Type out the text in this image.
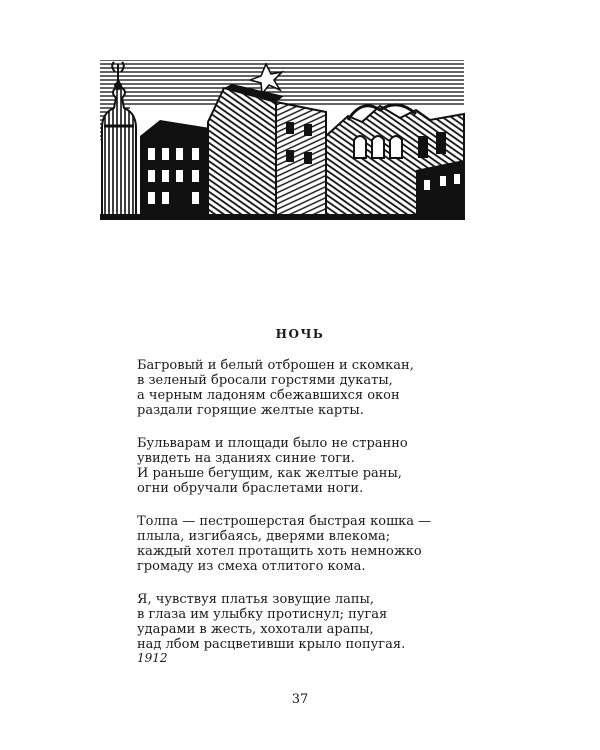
НОЧЬ

Багровый и белый отброшен и скомкан,
в зеленый бросали горстями дукаты,
а черным ладоням сбежавшихся окон
раздали горящие желтые карты.

Бульварам и площади было не странно
увидеть на зданиях синие тоги.
И раньше бегущим, как желтые раны,
огни обручали браслетами ноги.

Толпа — пестрошерстая быстрая кошка —
плыла, изгибаясь, дверями влекома;
каждый хотел протащить хоть немножко
громаду из смеха отлитого кома.

Я, чувствуя платья зовущие лапы,
в глаза им улыбку протиснул; пугая
ударами в жесть, хохотали арапы,
над лбом расцветивши крыло попугая.

1912
37
